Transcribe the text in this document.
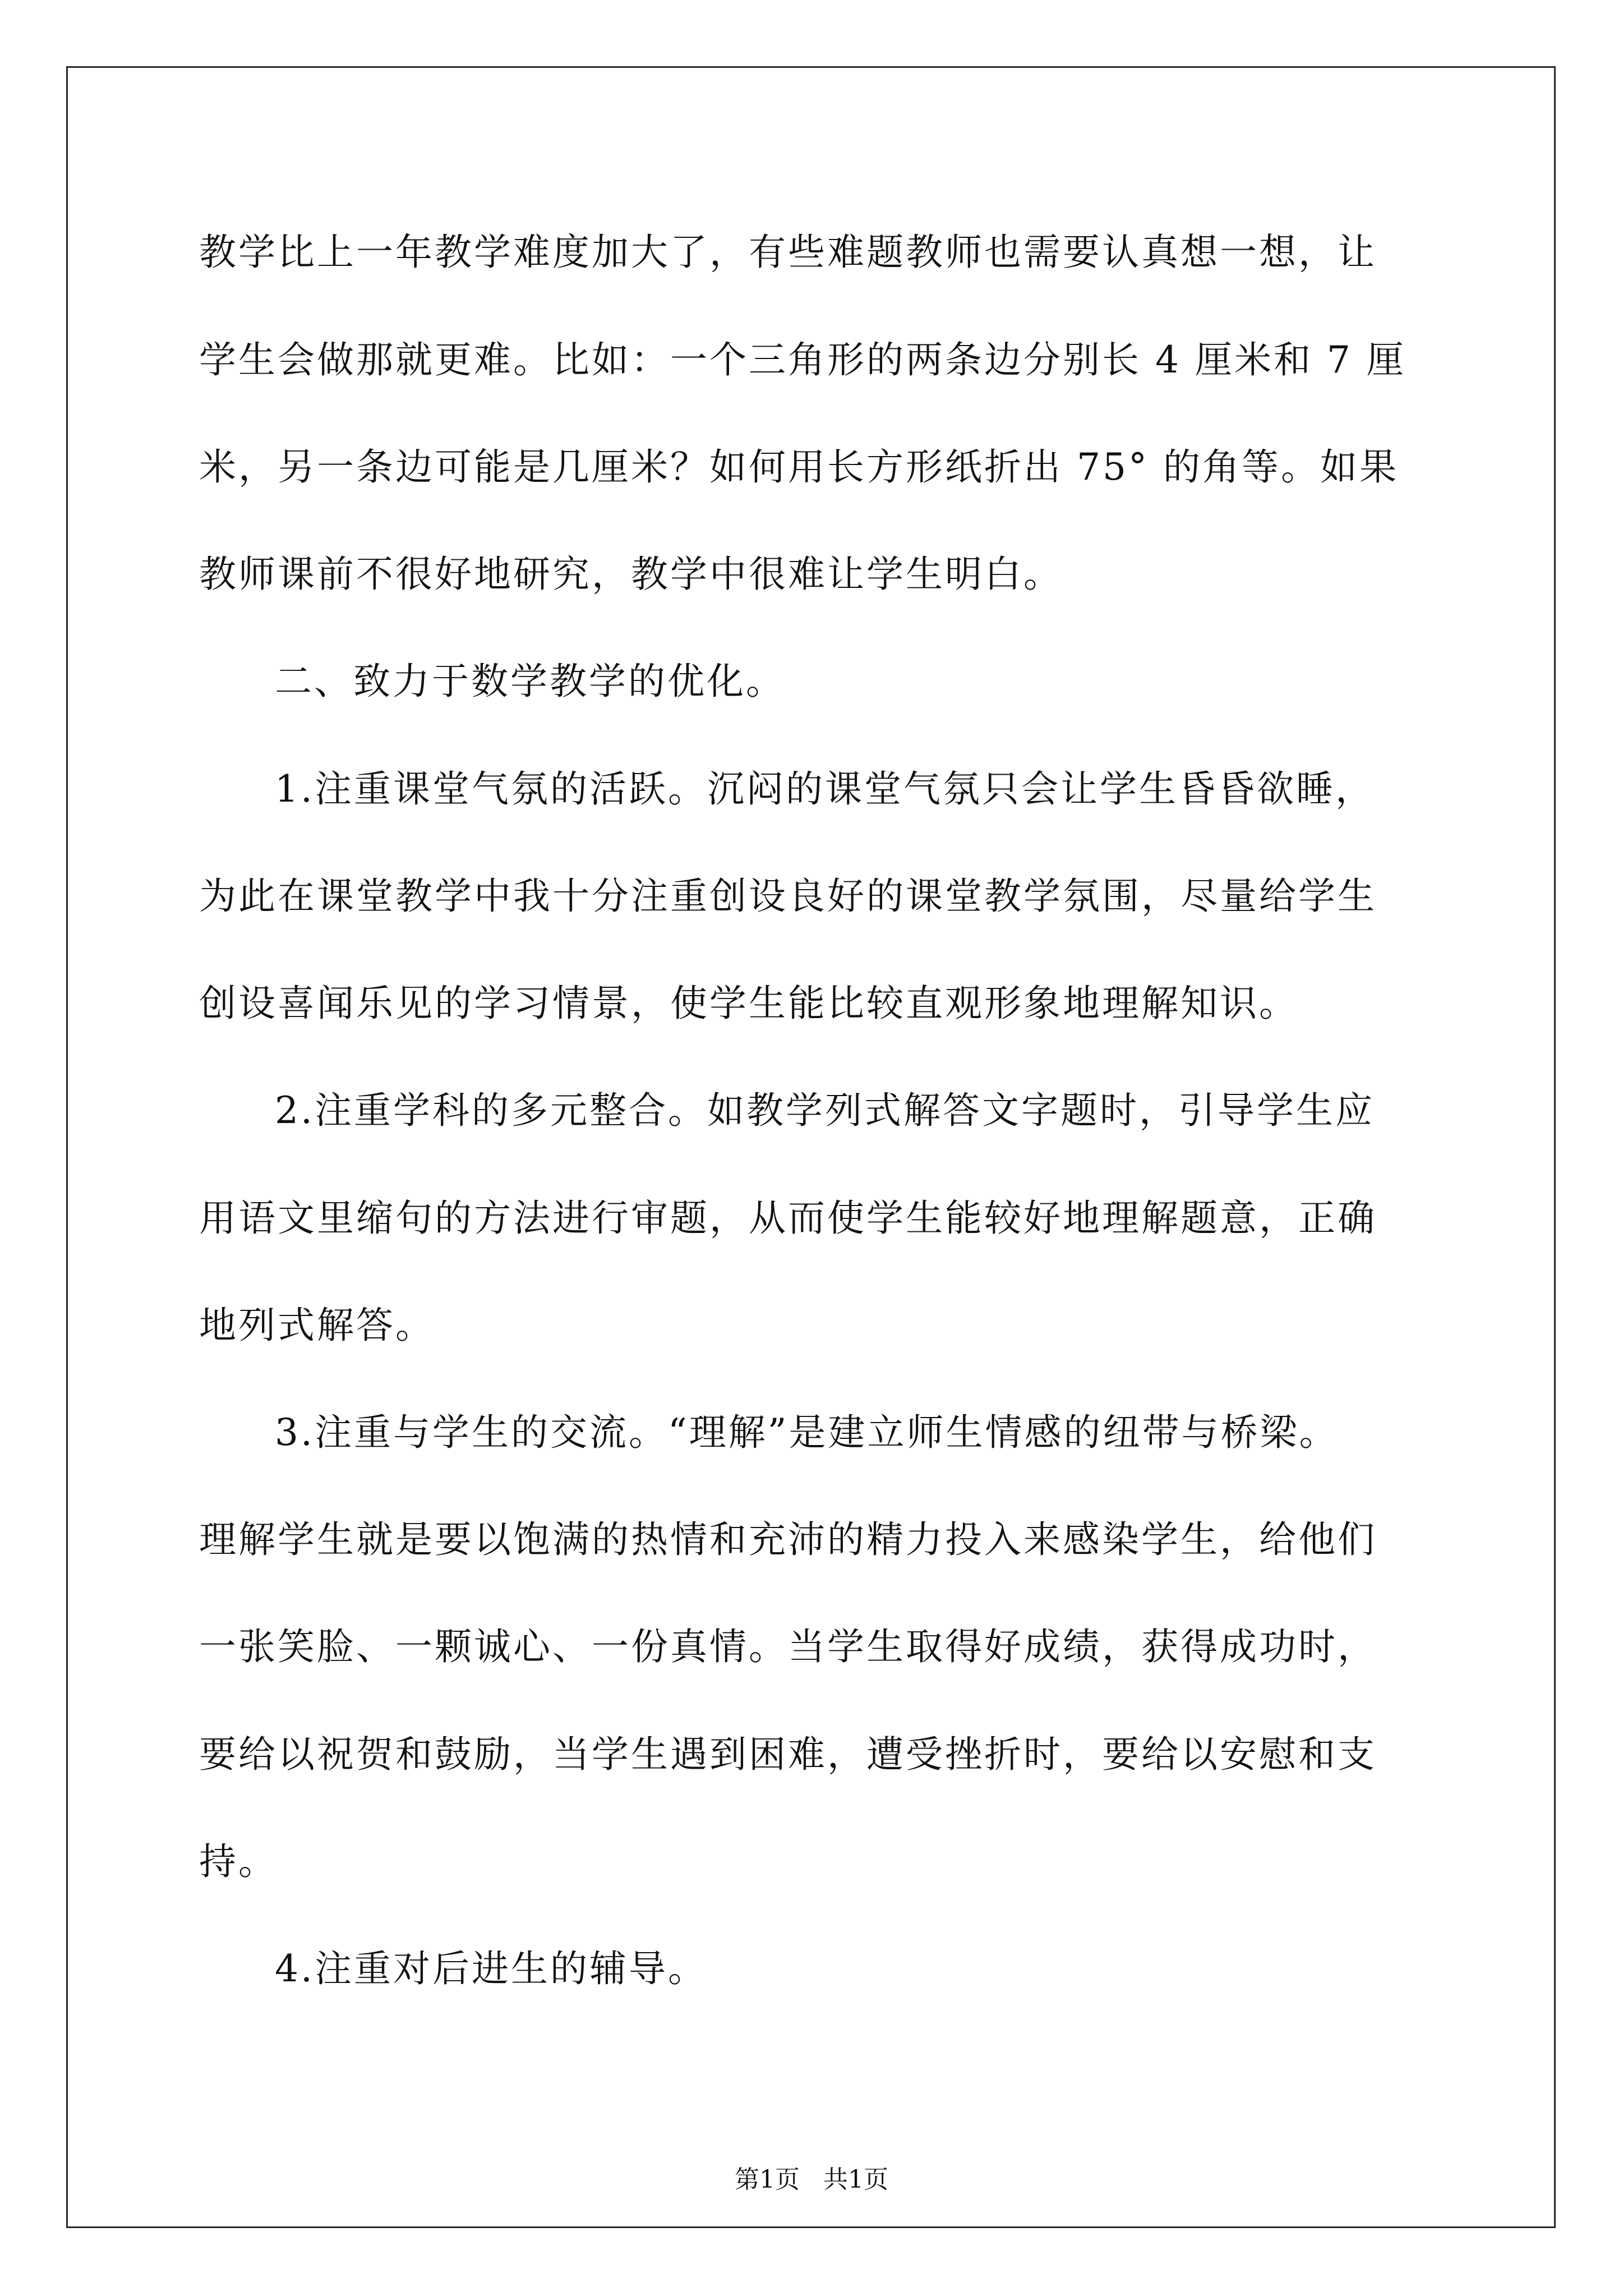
教学比上一年教学难度加大了，有些难题教师也需要认真想一想，让

学生会做那就更难。比如：一个三角形的两条边分别长 4 厘米和 7 厘

米，另一条边可能是几厘米？如何用长方形纸折出 75° 的角等。如果

教师课前不很好地研究，教学中很难让学生明白。

二、致力于数学教学的优化。

1.注重课堂气氛的活跃。沉闷的课堂气氛只会让学生昏昏欲睡，

为此在课堂教学中我十分注重创设良好的课堂教学氛围，尽量给学生

创设喜闻乐见的学习情景，使学生能比较直观形象地理解知识。

2.注重学科的多元整合。如教学列式解答文字题时，引导学生应

用语文里缩句的方法进行审题，从而使学生能较好地理解题意，正确

地列式解答。

3.注重与学生的交流。“理解”是建立师生情感的纽带与桥梁。

理解学生就是要以饱满的热情和充沛的精力投入来感染学生，给他们

一张笑脸、一颗诚心、一份真情。当学生取得好成绩，获得成功时，

要给以祝贺和鼓励，当学生遇到困难，遭受挫折时，要给以安慰和支

持。

4.注重对后进生的辅导。

第1页   共1页
